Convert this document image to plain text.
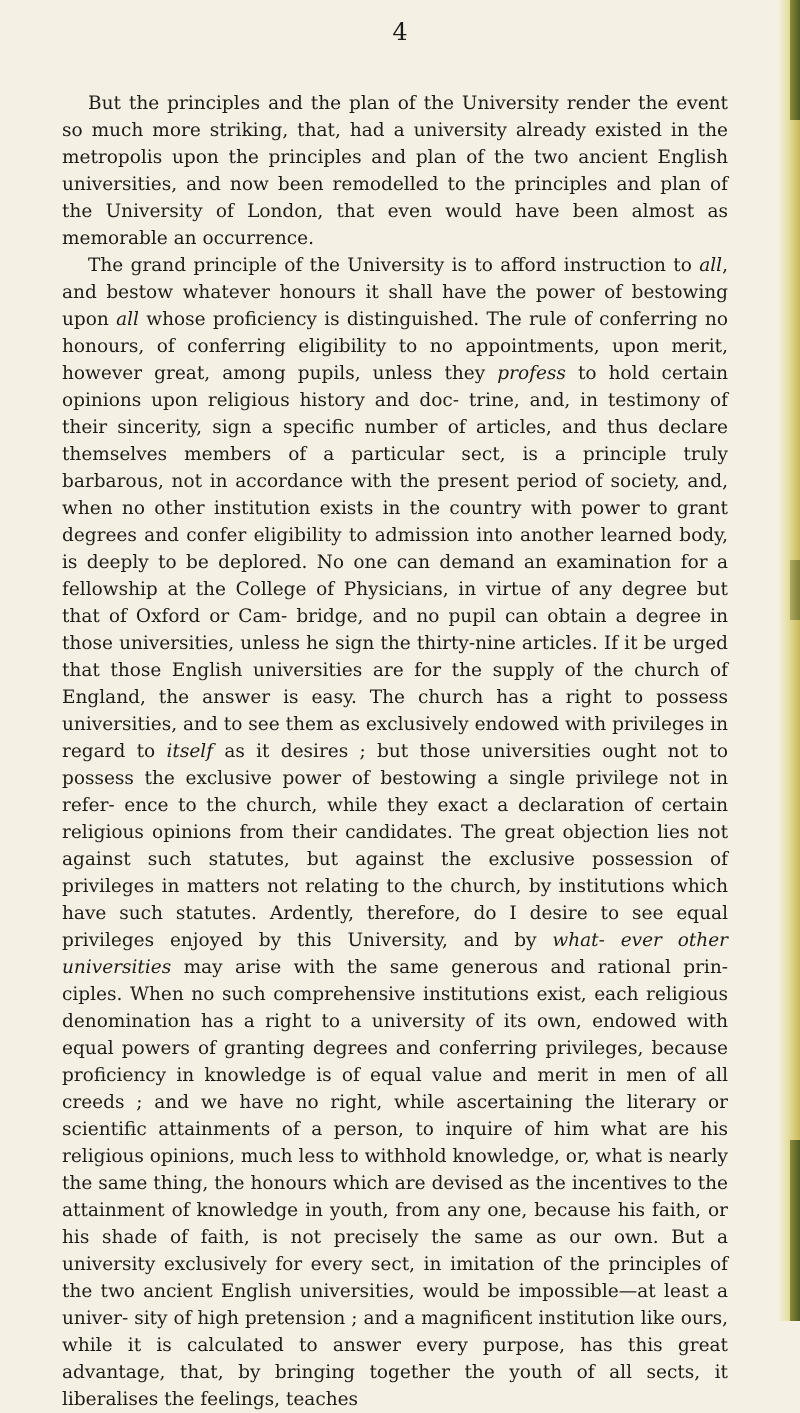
4

But the principles and the plan of the University render the event so much more striking, that, had a university already existed in the metropolis upon the principles and plan of the two ancient English universities, and now been remodelled to the principles and plan of the University of London, that even would have been almost as memorable an occurrence.

The grand principle of the University is to afford instruction to all, and bestow whatever honours it shall have the power of bestowing upon all whose proficiency is distinguished. The rule of conferring no honours, of conferring eligibility to no appointments, upon merit, however great, among pupils, unless they profess to hold certain opinions upon religious history and doc- trine, and, in testimony of their sincerity, sign a specific number of articles, and thus declare themselves members of a particular sect, is a principle truly barbarous, not in accordance with the present period of society, and, when no other institution exists in the country with power to grant degrees and confer eligibility to admission into another learned body, is deeply to be deplored. No one can demand an examination for a fellowship at the College of Physicians, in virtue of any degree but that of Oxford or Cam- bridge, and no pupil can obtain a degree in those universities, unless he sign the thirty-nine articles. If it be urged that those English universities are for the supply of the church of England, the answer is easy. The church has a right to possess universities, and to see them as exclusively endowed with privileges in regard to itself as it desires ; but those universities ought not to possess the exclusive power of bestowing a single privilege not in refer- ence to the church, while they exact a declaration of certain religious opinions from their candidates. The great objection lies not against such statutes, but against the exclusive possession of privileges in matters not relating to the church, by institutions which have such statutes. Ardently, therefore, do I desire to see equal privileges enjoyed by this University, and by what- ever other universities may arise with the same generous and rational prin- ciples. When no such comprehensive institutions exist, each religious denomination has a right to a university of its own, endowed with equal powers of granting degrees and conferring privileges, because proficiency in knowledge is of equal value and merit in men of all creeds ; and we have no right, while ascertaining the literary or scientific attainments of a person, to inquire of him what are his religious opinions, much less to withhold knowledge, or, what is nearly the same thing, the honours which are devised as the incentives to the attainment of knowledge in youth, from any one, because his faith, or his shade of faith, is not precisely the same as our own. But a university exclusively for every sect, in imitation of the principles of the two ancient English universities, would be impossible—at least a univer- sity of high pretension ; and a magnificent institution like ours, while it is calculated to answer every purpose, has this great advantage, that, by bringing together the youth of all sects, it liberalises the feelings, teaches
